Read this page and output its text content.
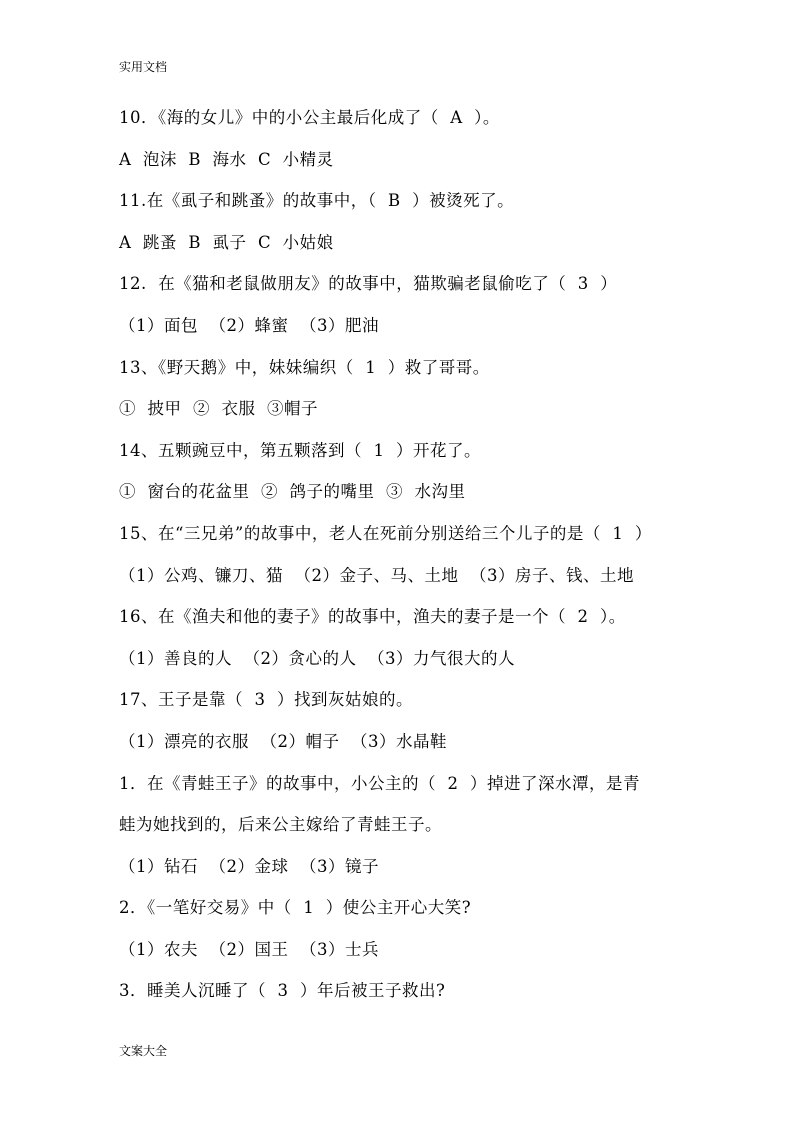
实用文档
10．《海的女儿》中的小公主最后化成了（  A  ）。
A  泡沫  B  海水  C  小精灵
11.在《虱子和跳蚤》的故事中，（  B  ）被烫死了。
A  跳蚤  B  虱子  C  小姑娘
12.  在《猫和老鼠做朋友》的故事中，猫欺骗老鼠偷吃了（  3  ）
（1）面包  （2）蜂蜜  （3）肥油
13、《野天鹅》中，妹妹编织（  1  ）救了哥哥。
①  披甲  ②  衣服  ③帽子
14、五颗豌豆中，第五颗落到（  1  ）开花了。
①  窗台的花盆里  ②  鸽子的嘴里  ③  水沟里
15、在“三兄弟”的故事中，老人在死前分别送给三个儿子的是（  1  ）
（1）公鸡、镰刀、猫  （2）金子、马、土地  （3）房子、钱、土地
16、在《渔夫和他的妻子》的故事中，渔夫的妻子是一个（  2  ）。
（1）善良的人  （2）贪心的人  （3）力气很大的人
17、王子是靠（  3  ）找到灰姑娘的。
（1）漂亮的衣服  （2）帽子  （3）水晶鞋
1．在《青蛙王子》的故事中，小公主的（  2  ）掉进了深水潭，是青
蛙为她找到的，后来公主嫁给了青蛙王子。
（1）钻石  （2）金球  （3）镜子
2．《一笔好交易》中（  1  ）使公主开心大笑?
（1）农夫  （2）国王  （3）士兵
3．睡美人沉睡了（  3  ）年后被王子救出?
文案大全
